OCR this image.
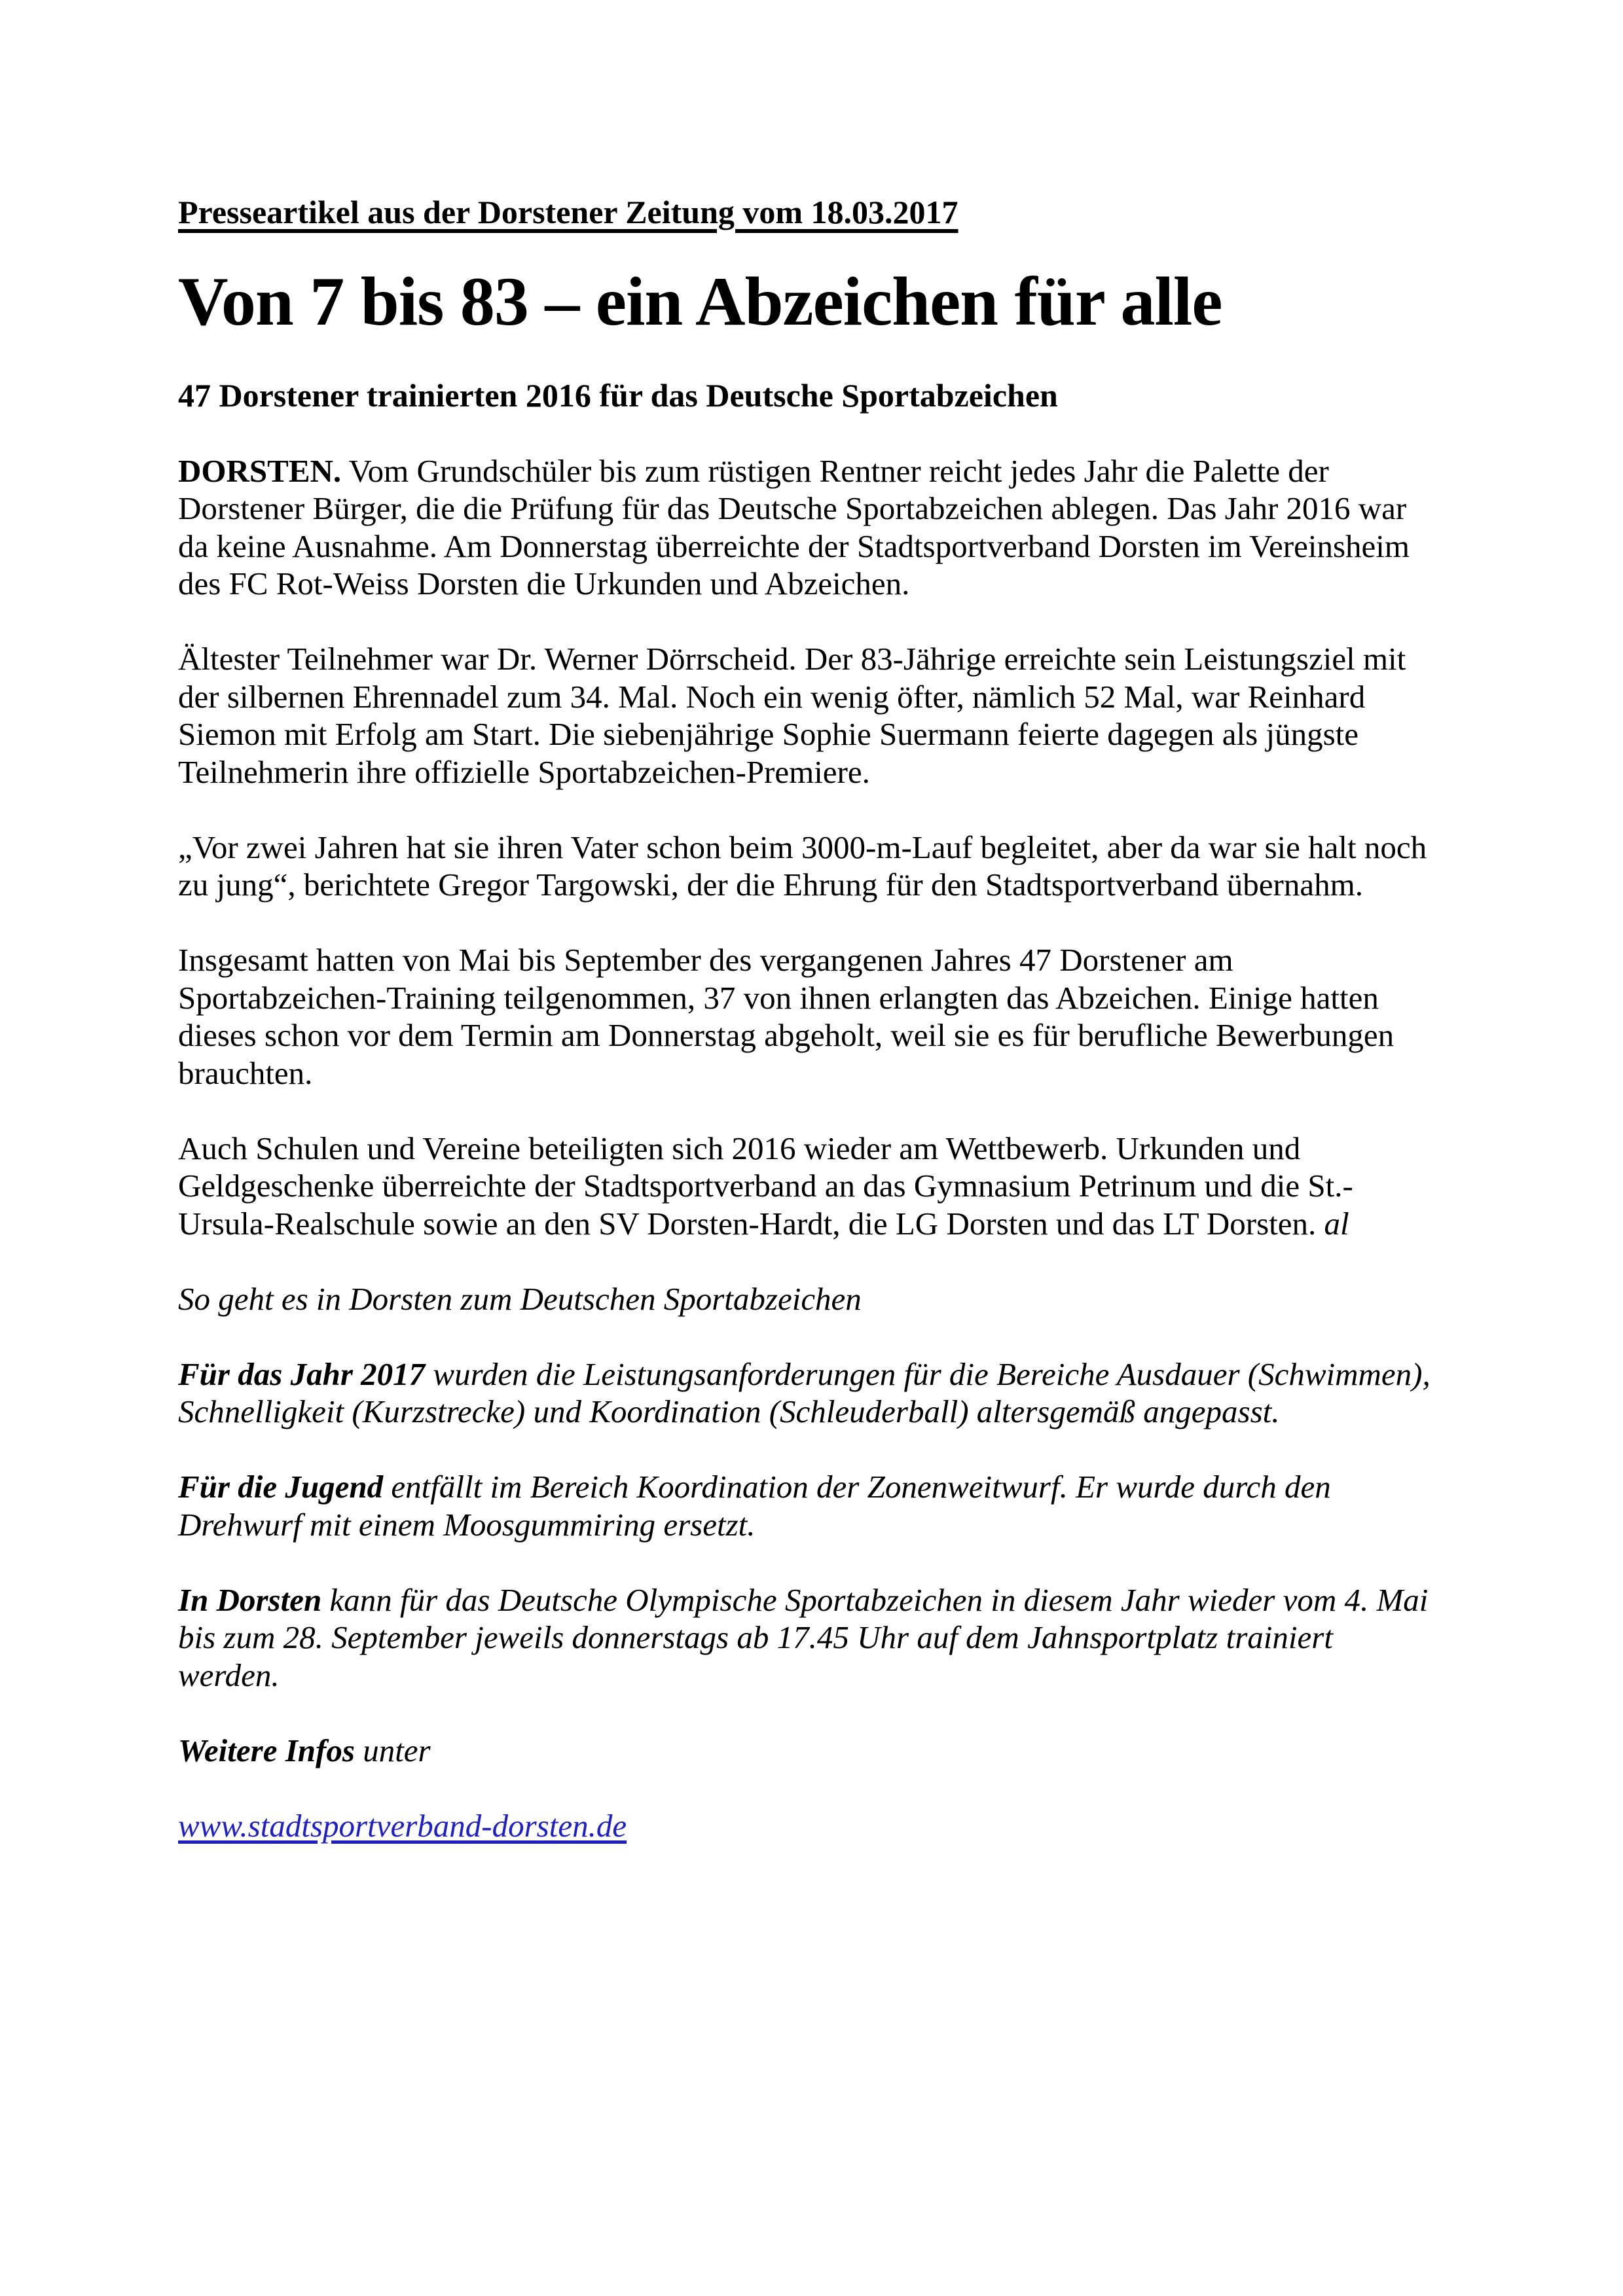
Presseartikel aus der Dorstener Zeitung vom 18.03.2017

Von 7 bis 83 – ein Abzeichen für alle
47 Dorstener trainierten 2016 für das Deutsche Sportabzeichen

DORSTEN. Vom Grundschüler bis zum rüstigen Rentner reicht jedes Jahr die Palette der Dorstener Bürger, die die Prüfung für das Deutsche Sportabzeichen ablegen. Das Jahr 2016 war da keine Ausnahme. Am Donnerstag überreichte der Stadtsportverband Dorsten im Vereinsheim des FC Rot-Weiss Dorsten die Urkunden und Abzeichen.

Ältester Teilnehmer war Dr. Werner Dörrscheid. Der 83-Jährige erreichte sein Leistungsziel mit der silbernen Ehrennadel zum 34. Mal. Noch ein wenig öfter, nämlich 52 Mal, war Reinhard Siemon mit Erfolg am Start. Die siebenjährige Sophie Suermann feierte dagegen als jüngste Teilnehmerin ihre offizielle Sportabzeichen-Premiere.

„Vor zwei Jahren hat sie ihren Vater schon beim 3000-m-Lauf begleitet, aber da war sie halt noch zu jung“, berichtete Gregor Targowski, der die Ehrung für den Stadtsportverband übernahm.

Insgesamt hatten von Mai bis September des vergangenen Jahres 47 Dorstener am Sportabzeichen-Training teilgenommen, 37 von ihnen erlangten das Abzeichen. Einige hatten dieses schon vor dem Termin am Donnerstag abgeholt, weil sie es für berufliche Bewerbungen brauchten.

Auch Schulen und Vereine beteiligten sich 2016 wieder am Wettbewerb. Urkunden und Geldgeschenke überreichte der Stadtsportverband an das Gymnasium Petrinum und die St.-Ursula-Realschule sowie an den SV Dorsten-Hardt, die LG Dorsten und das LT Dorsten. al

So geht es in Dorsten zum Deutschen Sportabzeichen

Für das Jahr 2017 wurden die Leistungsanforderungen für die Bereiche Ausdauer (Schwimmen), Schnelligkeit (Kurzstrecke) und Koordination (Schleuderball) altersgemäß angepasst.

Für die Jugend entfällt im Bereich Koordination der Zonenweitwurf. Er wurde durch den Drehwurf mit einem Moosgummiring ersetzt.

In Dorsten kann für das Deutsche Olympische Sportabzeichen in diesem Jahr wieder vom 4. Mai bis zum 28. September jeweils donnerstags ab 17.45 Uhr auf dem Jahnsportplatz trainiert werden.

Weitere Infos unter

www.stadtsportverband-dorsten.de
